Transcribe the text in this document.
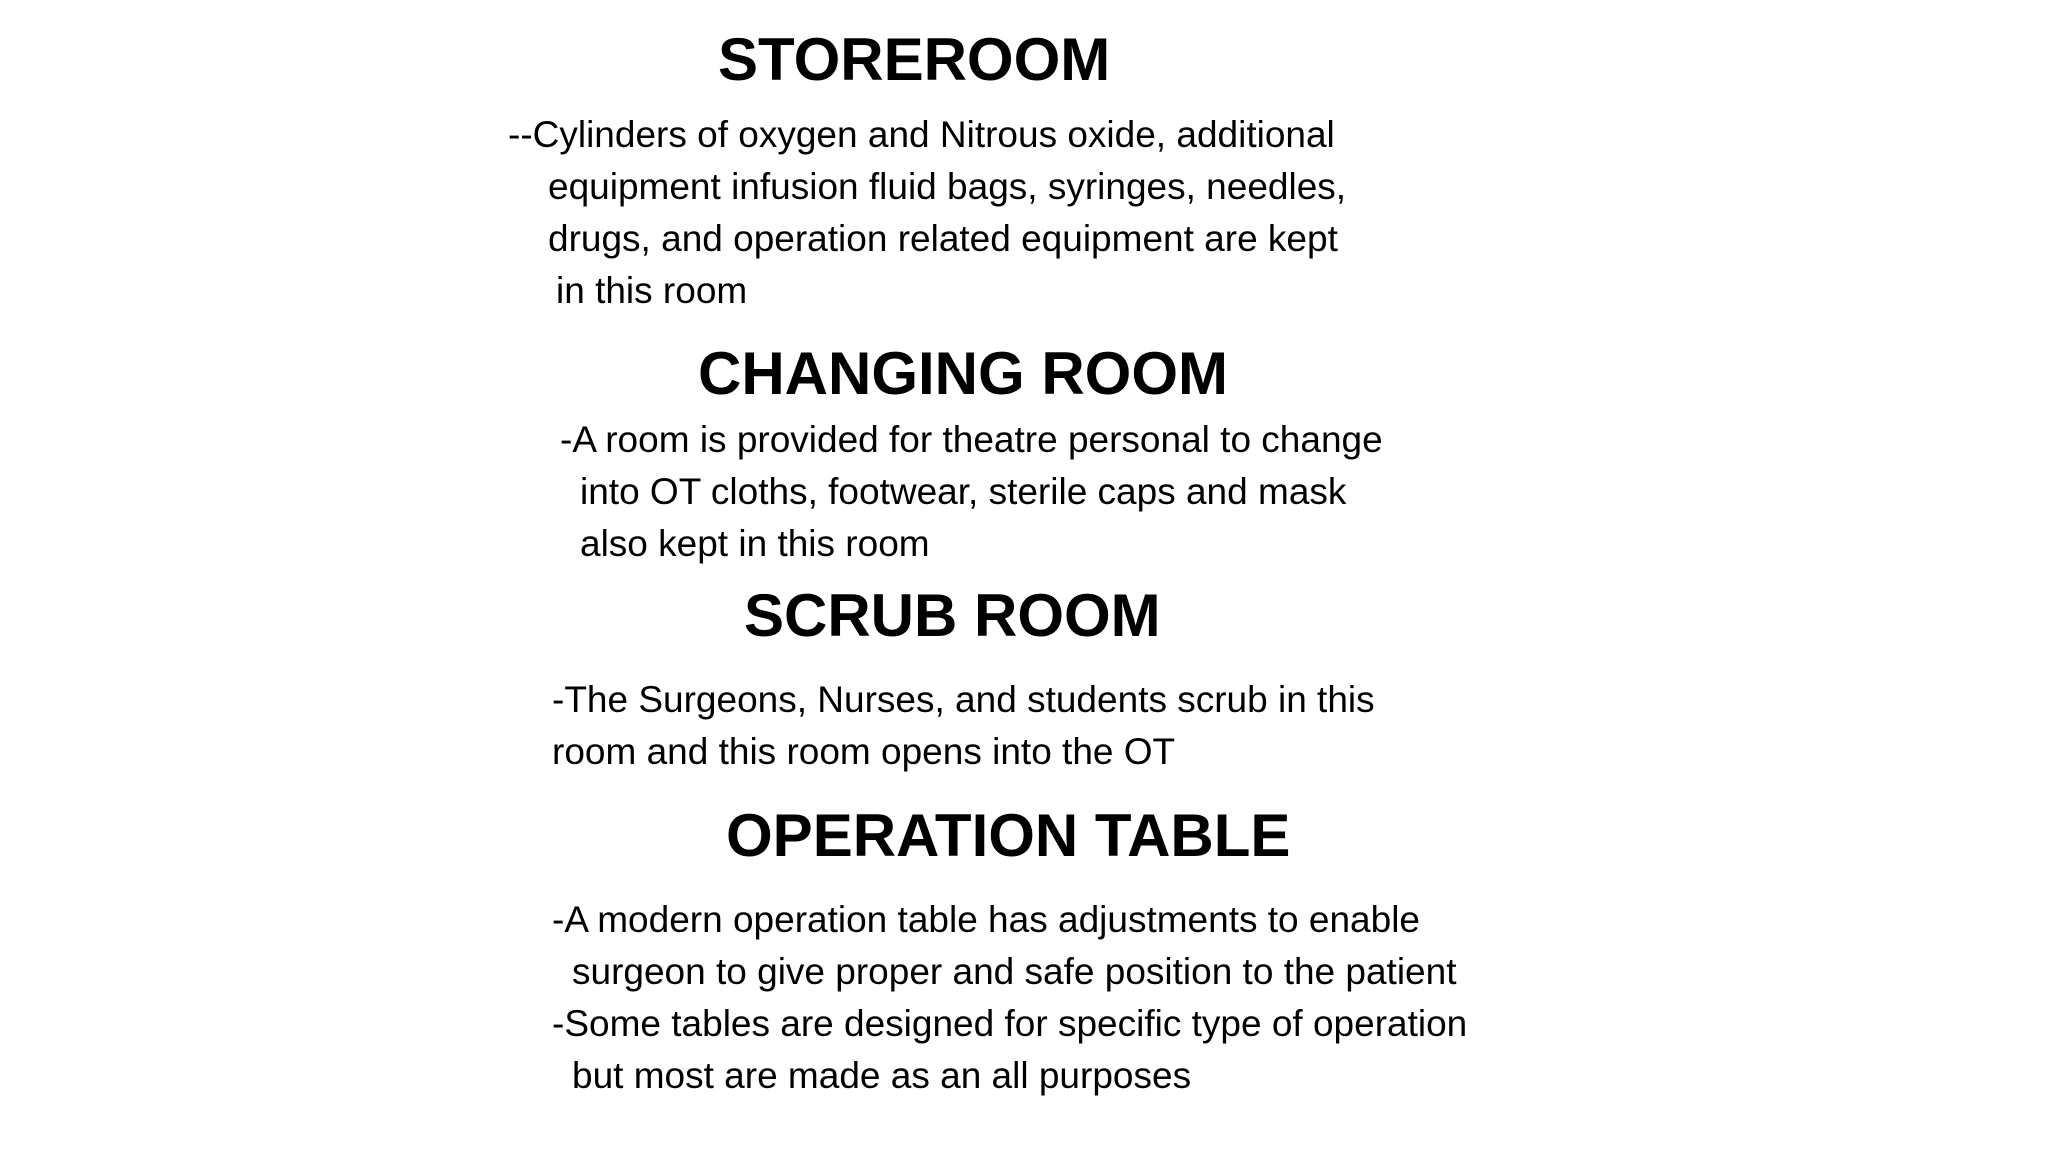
STOREROOM

--Cylinders of oxygen and Nitrous oxide, additional

equipment infusion fluid bags, syringes, needles,

drugs, and operation related equipment are kept

in this room

CHANGING ROOM

-A room is provided for theatre personal to change

into OT cloths, footwear, sterile caps and mask

also kept in this room

SCRUB ROOM

-The Surgeons, Nurses, and students scrub in this

room and this room opens into the OT

OPERATION TABLE

-A modern operation table has adjustments to enable

surgeon to give proper and safe position to the patient

-Some tables are designed for specific type of operation

but most are made as an all purposes
